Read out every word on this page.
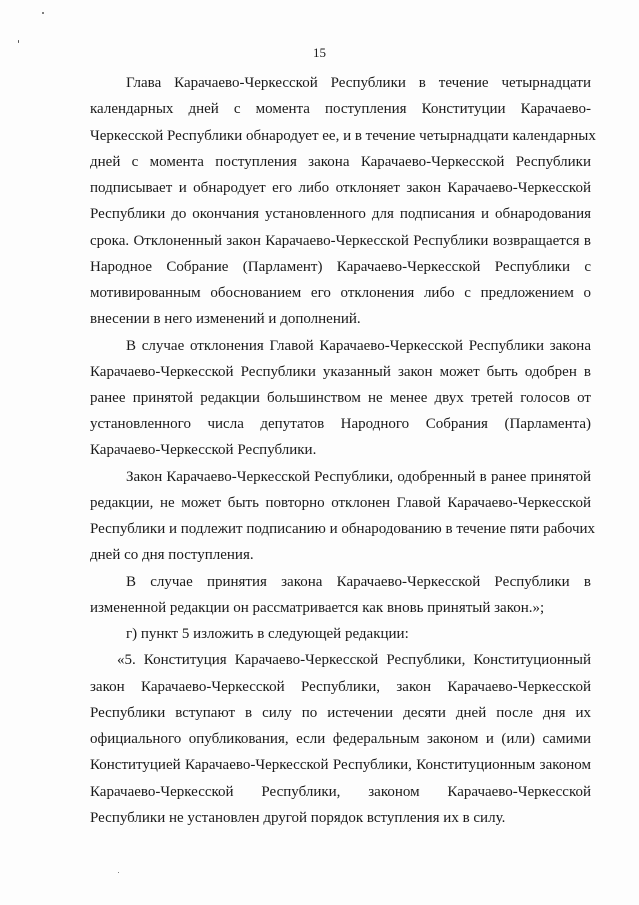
15
Глава Карачаево-Черкесской Республики в течение четырнадцати
календарных дней с момента поступления Конституции Карачаево-
Черкесской Республики обнародует ее, и в течение четырнадцати календарных
дней с момента поступления закона Карачаево-Черкесской Республики
подписывает и обнародует его либо отклоняет закон Карачаево-Черкесской
Республики до окончания установленного для подписания и обнародования
срока. Отклоненный закон Карачаево-Черкесской Республики возвращается в
Народное Собрание (Парламент) Карачаево-Черкесской Республики с
мотивированным обоснованием его отклонения либо с предложением о
внесении в него изменений и дополнений.
В случае отклонения Главой Карачаево-Черкесской Республики закона
Карачаево-Черкесской Республики указанный закон может быть одобрен в
ранее принятой редакции большинством не менее двух третей голосов от
установленного числа депутатов Народного Собрания (Парламента)
Карачаево-Черкесской Республики.
Закон Карачаево-Черкесской Республики, одобренный в ранее принятой
редакции, не может быть повторно отклонен Главой Карачаево-Черкесской
Республики и подлежит подписанию и обнародованию в течение пяти рабочих
дней со дня поступления.
В случае принятия закона Карачаево-Черкесской Республики в
измененной редакции он рассматривается как вновь принятый закон.»;
г) пункт 5 изложить в следующей редакции:
«5. Конституция Карачаево-Черкесской Республики, Конституционный
закон Карачаево-Черкесской Республики, закон Карачаево-Черкесской
Республики вступают в силу по истечении десяти дней после дня их
официального опубликования, если федеральным законом и (или) самими
Конституцией Карачаево-Черкесской Республики, Конституционным законом
Карачаево-Черкесской Республики, законом Карачаево-Черкесской
Республики не установлен другой порядок вступления их в силу.
